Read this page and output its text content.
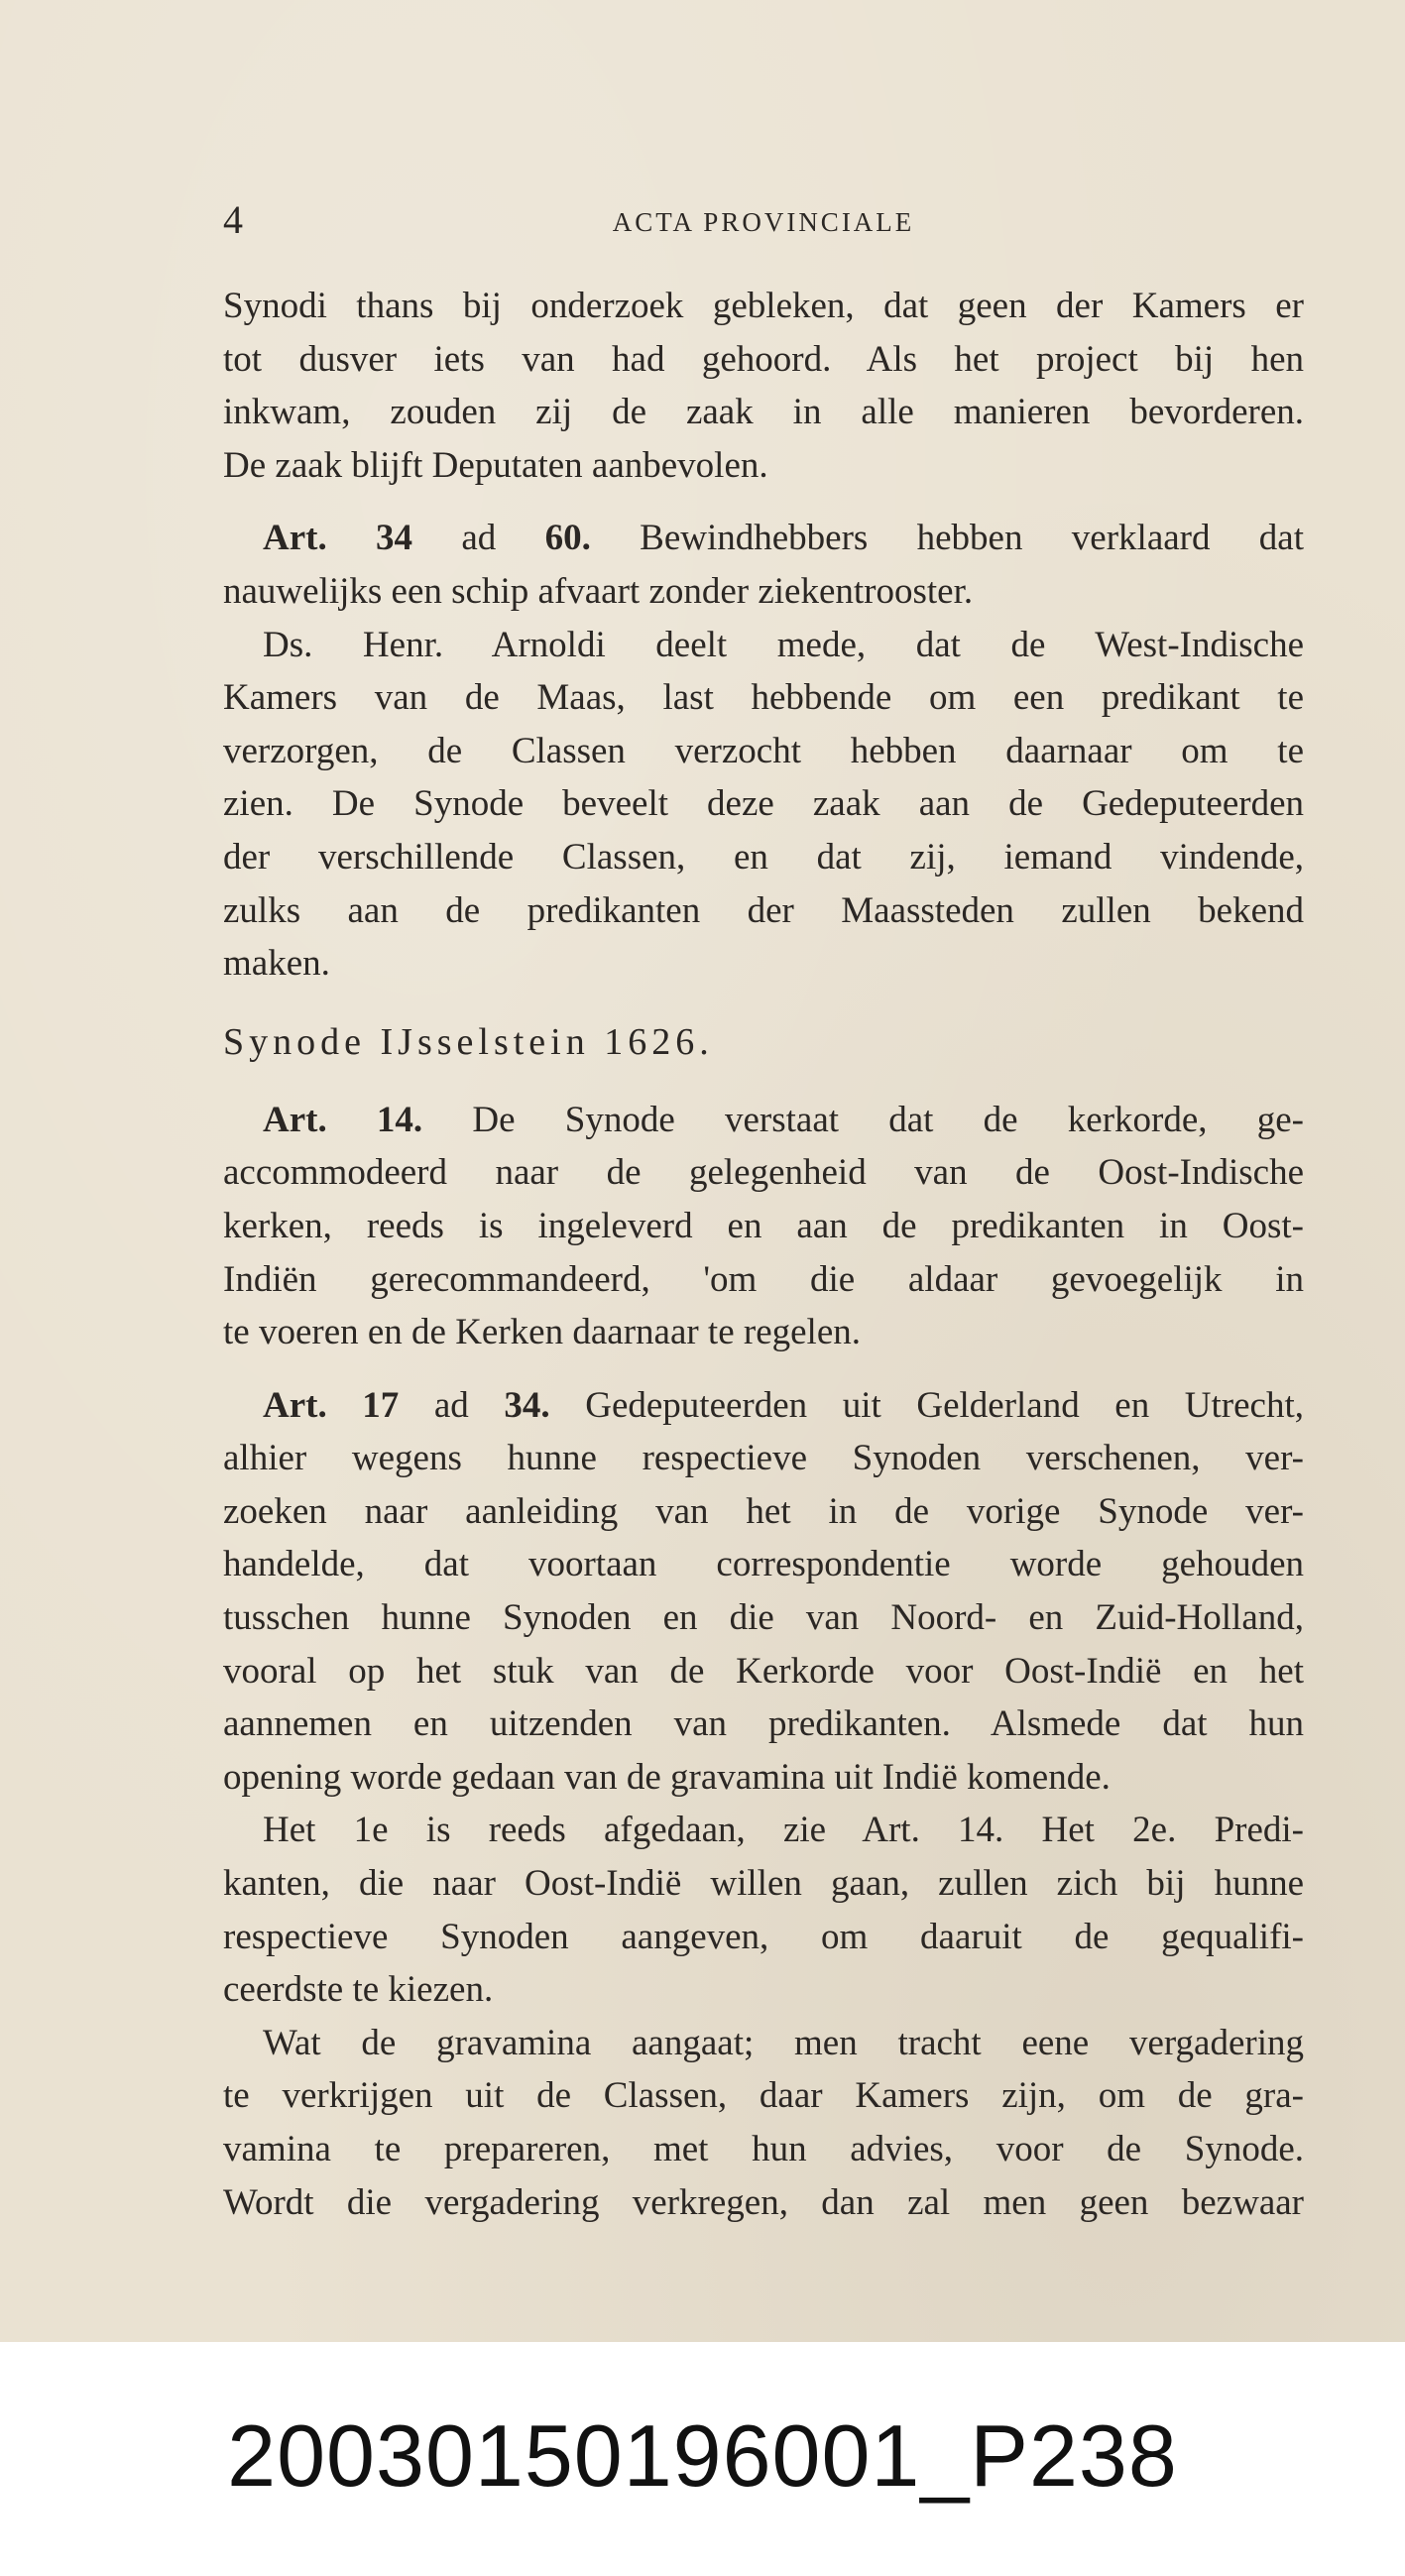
4	ACTA PROVINCIALE

Synodi thans bij onderzoek gebleken, dat geen der Kamers er

tot dusver iets van had gehoord. Als het project bij hen

inkwam, zouden zij de zaak in alle manieren bevorderen.

De zaak blijft Deputaten aanbevolen.

Art. 34 ad 60. Bewindhebbers hebben verklaard dat

nauwelijks een schip afvaart zonder ziekentrooster.

Ds. Henr. Arnoldi deelt mede, dat de West-Indische

Kamers van de Maas, last hebbende om een predikant te

verzorgen, de Classen verzocht hebben daarnaar om te

zien. De Synode beveelt deze zaak aan de Gedeputeerden

der verschillende Classen, en dat zij, iemand vindende,

zulks aan de predikanten der Maassteden zullen bekend

maken.

Synode IJsselstein 1626.

Art. 14. De Synode verstaat dat de kerkorde, ge-

accommodeerd naar de gelegenheid van de Oost-Indische

kerken, reeds is ingeleverd en aan de predikanten in Oost-

Indiën gerecommandeerd, 'om die aldaar gevoegelijk in

te voeren en de Kerken daarnaar te regelen.

Art. 17 ad 34. Gedeputeerden uit Gelderland en Utrecht,

alhier wegens hunne respectieve Synoden verschenen, ver-

zoeken naar aanleiding van het in de vorige Synode ver-

handelde, dat voortaan correspondentie worde gehouden

tusschen hunne Synoden en die van Noord- en Zuid-Holland,

vooral op het stuk van de Kerkorde voor Oost-Indië en het

aannemen en uitzenden van predikanten. Alsmede dat hun

opening worde gedaan van de gravamina uit Indië komende.

Het 1e is reeds afgedaan, zie Art. 14. Het 2e. Predi-

kanten, die naar Oost-Indië willen gaan, zullen zich bij hunne

respectieve Synoden aangeven, om daaruit de gequalifi-

ceerdste te kiezen.

Wat de gravamina aangaat; men tracht eene vergadering

te verkrijgen uit de Classen, daar Kamers zijn, om de gra-

vamina te prepareren, met hun advies, voor de Synode.

Wordt die vergadering verkregen, dan zal men geen bezwaar

20030150196001_P238
